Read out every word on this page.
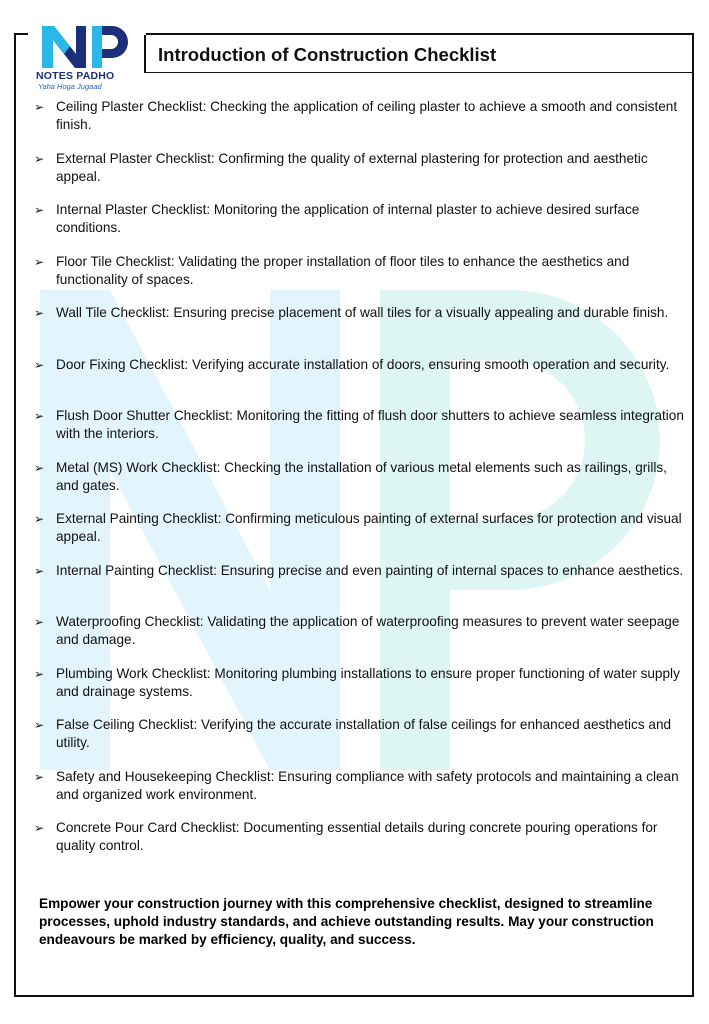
NOTES PADHO
Yaha Hoga Jugaad
Introduction of Construction Checklist
➢ Ceiling Plaster Checklist: Checking the application of ceiling plaster to achieve a smooth and consistent finish.
➢ External Plaster Checklist: Confirming the quality of external plastering for protection and aesthetic appeal.
➢ Internal Plaster Checklist: Monitoring the application of internal plaster to achieve desired surface conditions.
➢ Floor Tile Checklist: Validating the proper installation of floor tiles to enhance the aesthetics and functionality of spaces.
➢ Wall Tile Checklist: Ensuring precise placement of wall tiles for a visually appealing and durable finish.
➢ Door Fixing Checklist: Verifying accurate installation of doors, ensuring smooth operation and security.
➢ Flush Door Shutter Checklist: Monitoring the fitting of flush door shutters to achieve seamless integration with the interiors.
➢ Metal (MS) Work Checklist: Checking the installation of various metal elements such as railings, grills, and gates.
➢ External Painting Checklist: Confirming meticulous painting of external surfaces for protection and visual appeal.
➢ Internal Painting Checklist: Ensuring precise and even painting of internal spaces to enhance aesthetics.
➢ Waterproofing Checklist: Validating the application of waterproofing measures to prevent water seepage and damage.
➢ Plumbing Work Checklist: Monitoring plumbing installations to ensure proper functioning of water supply and drainage systems.
➢ False Ceiling Checklist: Verifying the accurate installation of false ceilings for enhanced aesthetics and utility.
➢ Safety and Housekeeping Checklist: Ensuring compliance with safety protocols and maintaining a clean and organized work environment.
➢ Concrete Pour Card Checklist: Documenting essential details during concrete pouring operations for quality control.
Empower your construction journey with this comprehensive checklist, designed to streamline processes, uphold industry standards, and achieve outstanding results. May your construction endeavours be marked by efficiency, quality, and success.
